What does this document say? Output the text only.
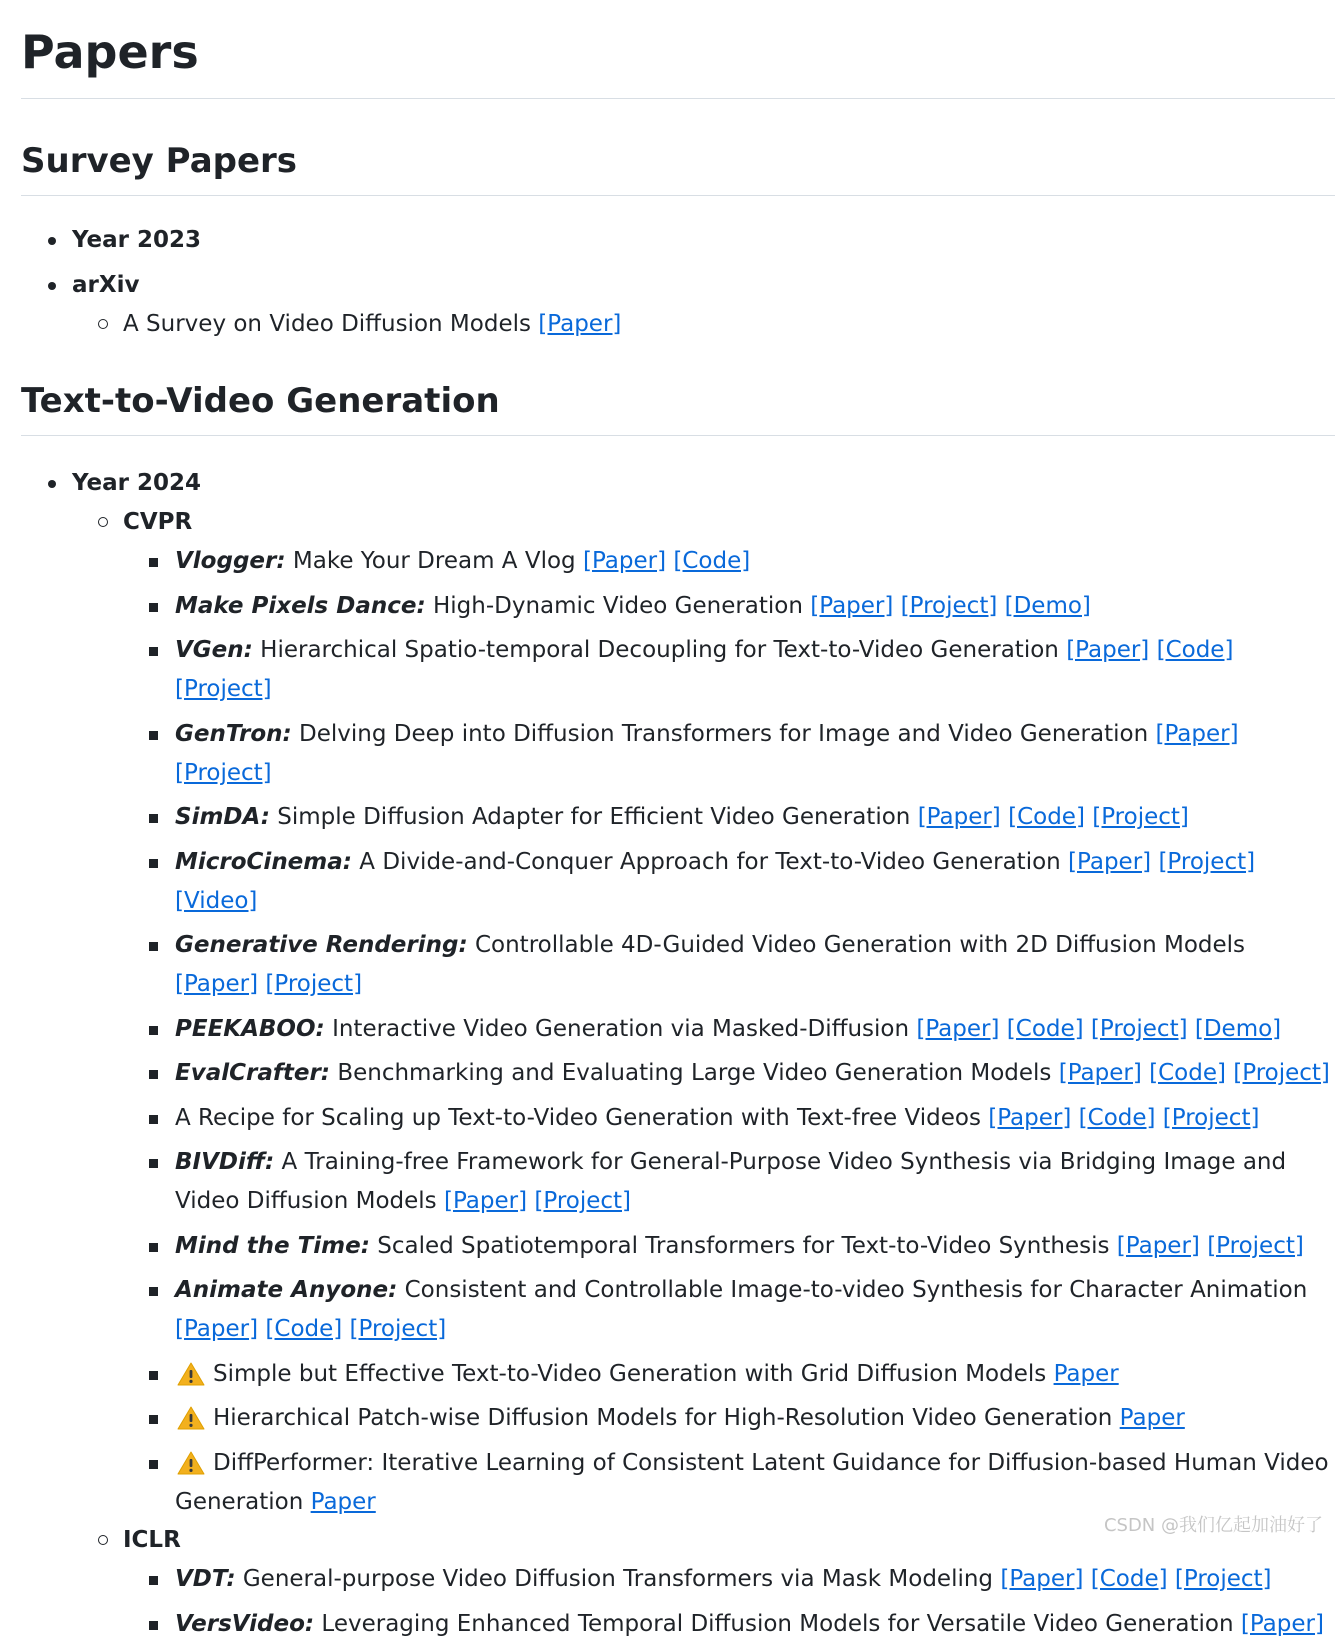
Papers
Survey Papers
Year 2023
arXiv
A Survey on Video Diffusion Models [Paper]
Text-to-Video Generation
Year 2024
CVPR
Vlogger: Make Your Dream A Vlog [Paper] [Code]
Make Pixels Dance: High-Dynamic Video Generation [Paper] [Project] [Demo]
VGen: Hierarchical Spatio-temporal Decoupling for Text-to-Video Generation [Paper] [Code] [Project]
GenTron: Delving Deep into Diffusion Transformers for Image and Video Generation [Paper] [Project]
SimDA: Simple Diffusion Adapter for Efficient Video Generation [Paper] [Code] [Project]
MicroCinema: A Divide-and-Conquer Approach for Text-to-Video Generation [Paper] [Project] [Video]
Generative Rendering: Controllable 4D-Guided Video Generation with 2D Diffusion Models [Paper] [Project]
PEEKABOO: Interactive Video Generation via Masked-Diffusion [Paper] [Code] [Project] [Demo]
EvalCrafter: Benchmarking and Evaluating Large Video Generation Models [Paper] [Code] [Project]
A Recipe for Scaling up Text-to-Video Generation with Text-free Videos [Paper] [Code] [Project]
BIVDiff: A Training-free Framework for General-Purpose Video Synthesis via Bridging Image and Video Diffusion Models [Paper] [Project]
Mind the Time: Scaled Spatiotemporal Transformers for Text-to-Video Synthesis [Paper] [Project]
Animate Anyone: Consistent and Controllable Image-to-video Synthesis for Character Animation [Paper] [Code] [Project]
Simple but Effective Text-to-Video Generation with Grid Diffusion Models Paper
Hierarchical Patch-wise Diffusion Models for High-Resolution Video Generation Paper
DiffPerformer: Iterative Learning of Consistent Latent Guidance for Diffusion-based Human Video Generation Paper
ICLR
VDT: General-purpose Video Diffusion Transformers via Mask Modeling [Paper] [Code] [Project]
VersVideo: Leveraging Enhanced Temporal Diffusion Models for Versatile Video Generation [Paper]
CSDN @我们亿起加油好了
